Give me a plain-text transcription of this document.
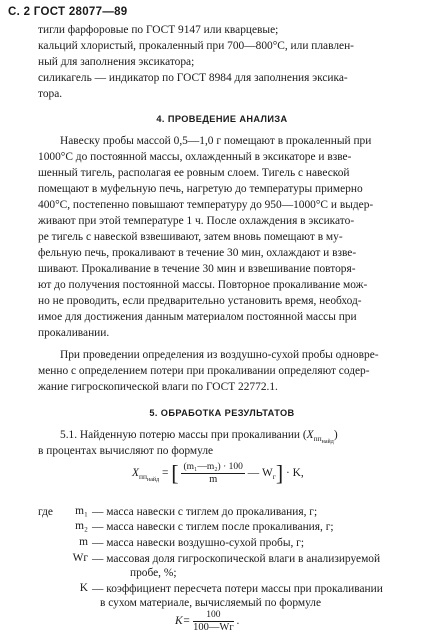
С. 2 ГОСТ 28077—89
тигли фарфоровые по ГОСТ 9147 или кварцевые;
кальций хлористый, прокаленный при 700—800°С, или плавлен-
ный для заполнения эксикатора;
силикагель — индикатор по ГОСТ 8984 для заполнения эксика-
тора.
4. ПРОВЕДЕНИЕ АНАЛИЗА
Навеску пробы массой 0,5—1,0 г помещают в прокаленный при
1000°С до постоянной массы, охлажденный в эксикаторе и взве-
шенный тигель, располагая ее ровным слоем. Тигель с навеской
помещают в муфельную печь, нагретую до температуры примерно
400°С, постепенно повышают температуру до 950—1000°С и выдер-
живают при этой температуре 1 ч. После охлаждения в эксикато-
ре тигель с навеской взвешивают, затем вновь помещают в му-
фельную печь, прокаливают в течение 30 мин, охлаждают и взве-
шивают. Прокаливание в течение 30 мин и взвешивание повторя-
ют до получения постоянной массы. Повторное прокаливание мож-
но не проводить, если предварительно установить время, необход-
имое для достижения данным материалом постоянной массы при
прокаливании.
При проведении определения из воздушно-сухой пробы одновре-
менно с определением потери при прокаливании определяют содер-
жание гигроскопической влаги по ГОСТ 22772.1.
5. ОБРАБОТКА РЕЗУЛЬТАТОВ
5.1. Найденную потерю массы при прокаливании $(X_{пп_{найд}})$
в процентах вычисляют по формуле
$X_{пп_{найд}}$ = [ $\frac{\text{(m₁—m₂) · 100}}{m}$ — $W_г] \cdot K$,
где	m₁ — масса навески с тиглем до прокаливания, г;
m₂ — масса навески с тиглем после прокаливания, г;
m — масса навески воздушно-сухой пробы, г;
Wг — массовая доля гигроскопической влаги в анализируемой
пробе, %;
K — коэффициент пересчета потери массы при прокаливании
в сухом материале, вычисляемый по формуле
$K= \frac{100}{100—Wг}$ .
